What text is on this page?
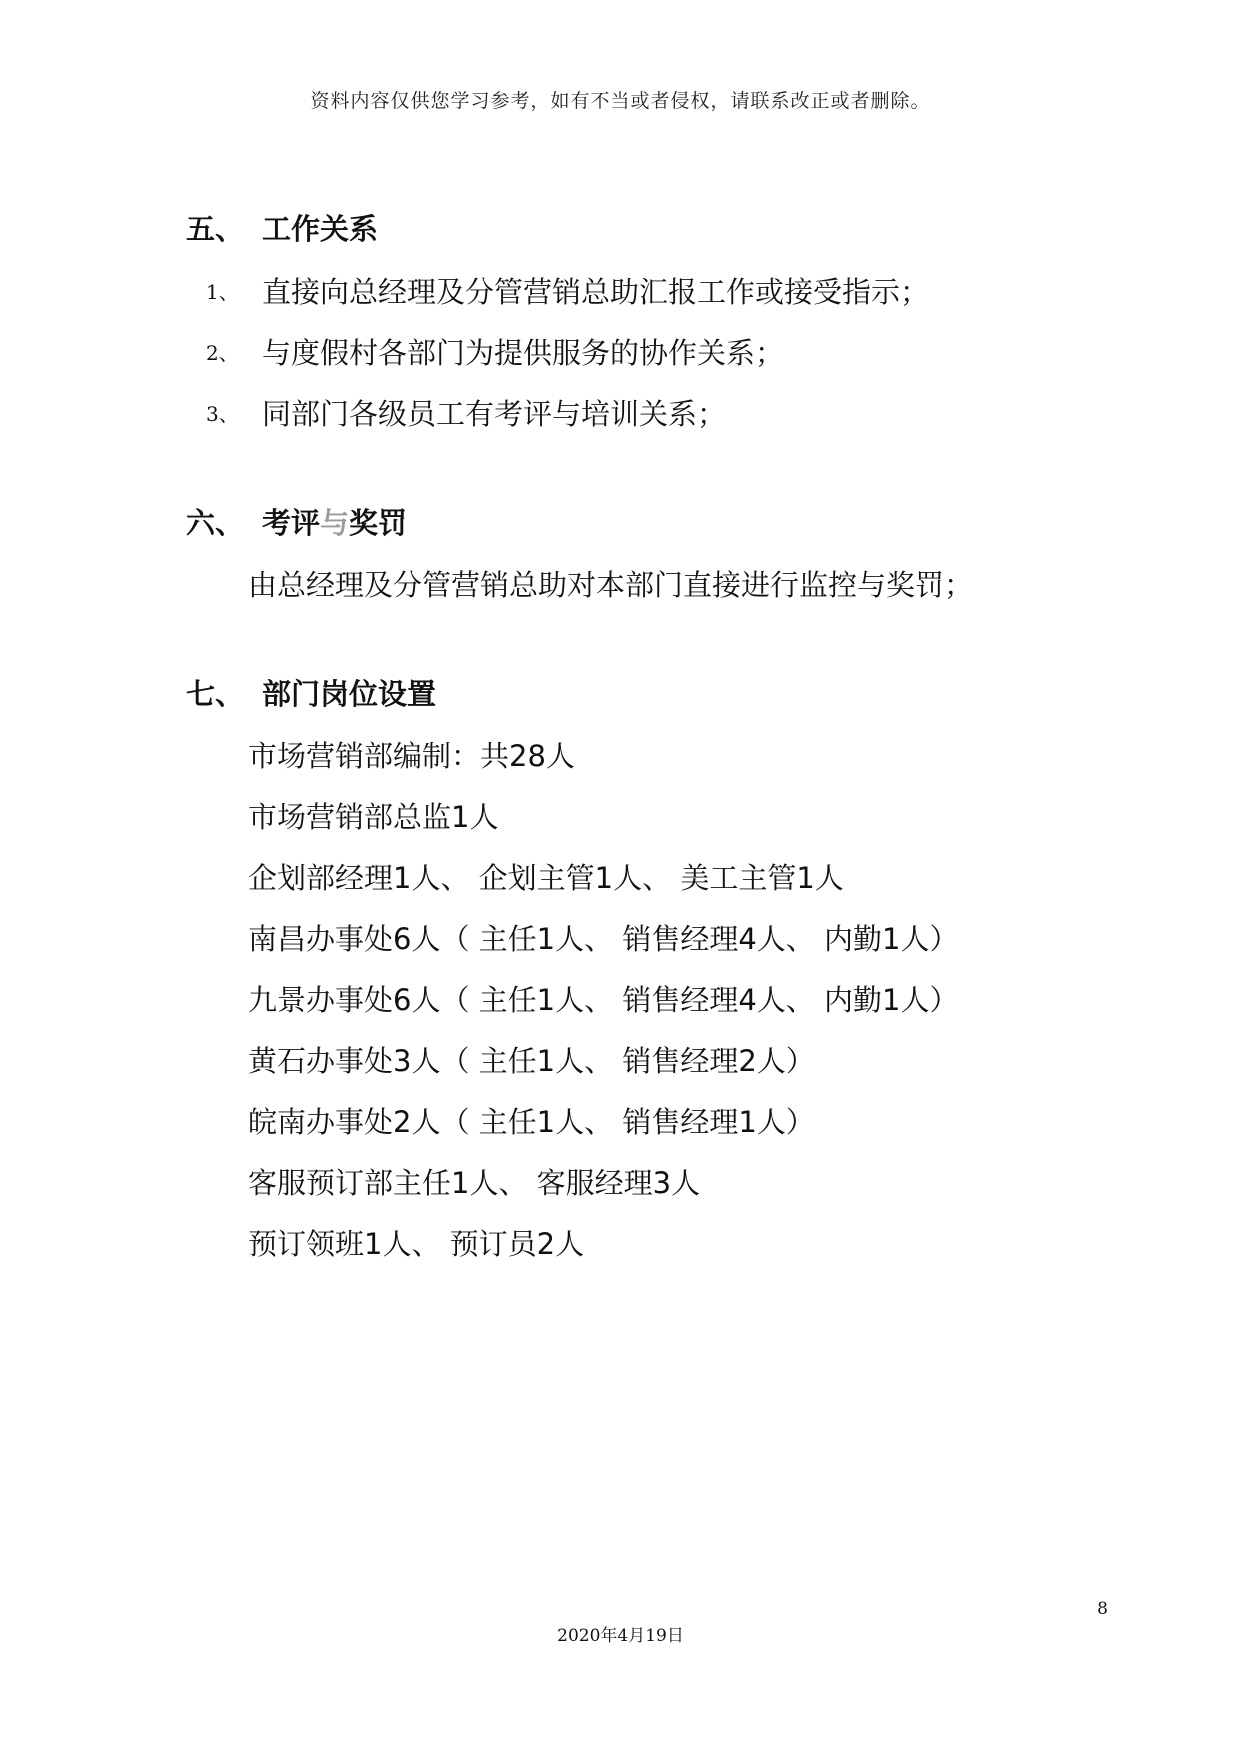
资料内容仅供您学习参考，如有不当或者侵权，请联系改正或者删除。
五、 工作关系
1、 直接向总经理及分管营销总助汇报工作或接受指示；
2、 与度假村各部门为提供服务的协作关系；
3、 同部门各级员工有考评与培训关系；
六、 考评与奖罚
由总经理及分管营销总助对本部门直接进行监控与奖罚；
七、 部门岗位设置
市场营销部编制：共28人
市场营销部总监1人
企划部经理1人、 企划主管1人、 美工主管1人
南昌办事处6人（ 主任1人、 销售经理4人、 内勤1人）
九景办事处6人（ 主任1人、 销售经理4人、 内勤1人）
黄石办事处3人（ 主任1人、 销售经理2人）
皖南办事处2人（ 主任1人、 销售经理1人）
客服预订部主任1人、 客服经理3人
预订领班1人、 预订员2人
8
2020年4月19日
